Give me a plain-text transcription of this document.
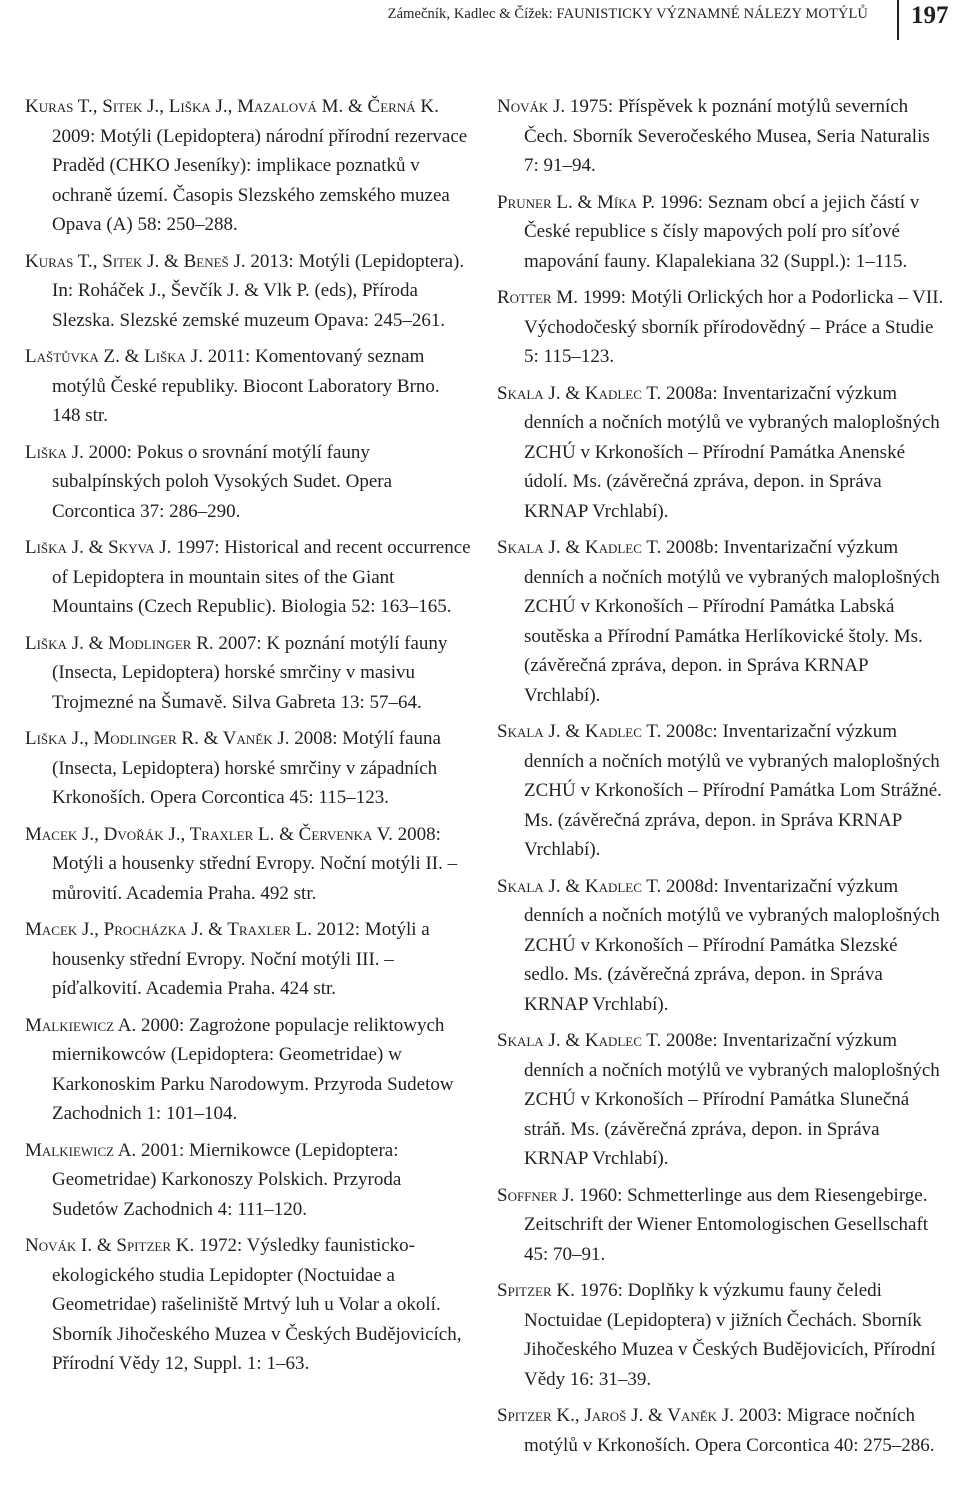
Zámečník, Kadlec & Čížek: FAUNISTICKY VÝZNAMNÉ NÁLEZY MOTÝLŮ 197

Kuras T., Sitek J., Liška J., Mazalová M. & Černá K. 2009: Motýli (Lepidoptera) národní přírodní rezervace Praděd (CHKO Jeseníky): implikace poznatků v ochraně území. Časopis Slezského zemského muzea Opava (A) 58: 250–288.

Kuras T., Sitek J. & Beneš J. 2013: Motýli (Lepidoptera). In: Roháček J., Ševčík J. & Vlk P. (eds), Příroda Slezska. Slezské zemské muzeum Opava: 245–261.

Laštůvka Z. & Liška J. 2011: Komentovaný seznam motýlů České republiky. Biocont Laboratory Brno. 148 str.

Liška J. 2000: Pokus o srovnání motýlí fauny subalpínských poloh Vysokých Sudet. Opera Corcontica 37: 286–290.

Liška J. & Skyva J. 1997: Historical and recent occurrence of Lepidoptera in mountain sites of the Giant Mountains (Czech Republic). Biologia 52: 163–165.

Liška J. & Modlinger R. 2007: K poznání motýlí fauny (Insecta, Lepidoptera) horské smrčiny v masivu Trojmezné na Šumavě. Silva Gabreta 13: 57–64.

Liška J., Modlinger R. & Vaněk J. 2008: Motýlí fauna (Insecta, Lepidoptera) horské smrčiny v západních Krkonoších. Opera Corcontica 45: 115–123.

Macek J., Dvořák J., Traxler L. & Červenka V. 2008: Motýli a housenky střední Evropy. Noční motýli II. – můrovití. Academia Praha. 492 str.

Macek J., Procházka J. & Traxler L. 2012: Motýli a housenky střední Evropy. Noční motýli III. – píďalkovití. Academia Praha. 424 str.

Malkiewicz A. 2000: Zagrożone populacje reliktowych miernikowców (Lepidoptera: Geometridae) w Karkonoskim Parku Narodowym. Przyroda Sudetow Zachodnich 1: 101–104.

Malkiewicz A. 2001: Miernikowce (Lepidoptera: Geometridae) Karkonoszy Polskich. Przyroda Sudetów Zachodnich 4: 111–120.

Novák I. & Spitzer K. 1972: Výsledky faunisticko-ekologického studia Lepidopter (Noctuidae a Geometridae) rašeliniště Mrtvý luh u Volar a okolí. Sborník Jihočeského Muzea v Českých Budějovicích, Přírodní Vědy 12, Suppl. 1: 1–63.

Novák J. 1975: Příspěvek k poznání motýlů severních Čech. Sborník Severočeského Musea, Seria Naturalis 7: 91–94.

Pruner L. & Míka P. 1996: Seznam obcí a jejich částí v České republice s čísly mapových polí pro síťové mapování fauny. Klapalekiana 32 (Suppl.): 1–115.

Rotter M. 1999: Motýli Orlických hor a Podorlicka – VII. Východočeský sborník přírodovědný – Práce a Studie 5: 115–123.

Skala J. & Kadlec T. 2008a: Inventarizační výzkum denních a nočních motýlů ve vybraných maloplošných ZCHÚ v Krkonoších – Přírodní Památka Anenské údolí. Ms. (závěrečná zpráva, depon. in Správa KRNAP Vrchlabí).

Skala J. & Kadlec T. 2008b: Inventarizační výzkum denních a nočních motýlů ve vybraných maloplošných ZCHÚ v Krkonoších – Přírodní Památka Labská soutěska a Přírodní Památka Herlíkovické štoly. Ms. (závěrečná zpráva, depon. in Správa KRNAP Vrchlabí).

Skala J. & Kadlec T. 2008c: Inventarizační výzkum denních a nočních motýlů ve vybraných maloplošných ZCHÚ v Krkonoších – Přírodní Památka Lom Strážné. Ms. (závěrečná zpráva, depon. in Správa KRNAP Vrchlabí).

Skala J. & Kadlec T. 2008d: Inventarizační výzkum denních a nočních motýlů ve vybraných maloplošných ZCHÚ v Krkonoších – Přírodní Památka Slezské sedlo. Ms. (závěrečná zpráva, depon. in Správa KRNAP Vrchlabí).

Skala J. & Kadlec T. 2008e: Inventarizační výzkum denních a nočních motýlů ve vybraných maloplošných ZCHÚ v Krkonoších – Přírodní Památka Slunečná stráň. Ms. (závěrečná zpráva, depon. in Správa KRNAP Vrchlabí).

Soffner J. 1960: Schmetterlinge aus dem Riesengebirge. Zeitschrift der Wiener Entomologischen Gesellschaft 45: 70–91.

Spitzer K. 1976: Doplňky k výzkumu fauny čeledi Noctuidae (Lepidoptera) v jižních Čechách. Sborník Jihočeského Muzea v Českých Budějovicích, Přírodní Vědy 16: 31–39.

Spitzer K., Jaroš J. & Vaněk J. 2003: Migrace nočních motýlů v Krkonoších. Opera Corcontica 40: 275–286.
